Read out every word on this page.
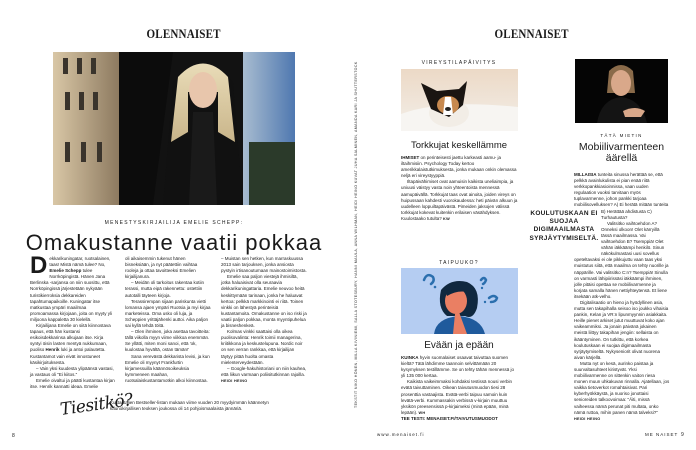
OLENNAISET
MENESTYSKIRJAILIJA EMELIE SCHEPP:
Omakustanne vaatii pokkaa
D ekkarikuningatar, ruotsalainen, taas! Mistä nämä tulee? No, Emelie Schepp tulee Norrköpingistä. Hänen Jana Berlinska -sarjansa on niin suosittu, että Norrköpingissä järjestetään nykyään turistikierroksia dekkareiden tapahtumapaikoille. Kuningatar itse matkustaa ympäri maailmaa promoamassa kirjojaan, joita on myyty yli miljoona kappaletta 30 kielellä.

Kirjailijana Emelie on siitä kiinnostava tapaus, että hän kustansi esikoisdekkarinsa alkujaan itse. Kirja syntyi öisin lasten mentyä nukkumaan, puoliso Henrik luki ja antoi palautetta. Kustantamot vain eivät innostuneet käsikirjoituksesta.

– Vain yksi kuudesta ylipäänsä vastasi, ja vastaus oli "Ei kiitos."

Emelie oivaltui ja päätti kustantaa kirjan itse. Henrik kannatti ideaa. Emelie

oli aikaisemmin tukenut hänen bisneksiään, ja nyt päätettiin vaihtaa rooleja ja ottaa tavoitteeksi Emelien kirjailijanura.

– Meidän oli tarkoitus rakentaa kotiin terassi, mutta eipä rakennettu: ostettiin autotalli täyteen kirjoja.

Terassirempan sijaan pariskunta vietti lomansa ajaen ympäri Ruotsia ja myi kirjaa marketeissa. Oma usko oli luja, ja Scheppien yrittäjähenki auttoi. Aika paljon sai kyllä tehdä töitä.

– Olen ihminen, joka asettaa tavoitteita: tällä viikolla myyn viime viikkoa enemmän. Se yllätti, miten moni sanoi, että 'ok, kuulostaa hyvältä, ostan tämän!'

Sana verevästä dekkarista levisi, ja kun Emelie oli myynyt Frankfurtin kirjamessuilla käännösoikeuksia kymmeneen maahan, ruotsalaiskustantamotkin alkoi kiinnostaa.

– Muistan sen hetken, kun marraskuussa 2013 sain tarjouksen, jonka ansiosta pystyin irtisanoutumaan mainostoimistosta.

Emelie saa paljon viestejä ihmisiltä, jotka haluaisivat olla seuraavia dekkarikuningattaria. Emelie neuvoo heitä keskittymään tarinaan, jonka he haluavat kertoa: pelkkä markkinointi ei riitä. Toinen vinkki on lähestyä perinteisiä kustantamoita. Omakustanne on iso riski ja vaatii paljon pokkaa, monta myyntipuhelua ja bisneshenkeä.

Kolmas vinkki saattaisi olla oikea puolisovalinta: Henrik toimii managerina, kriitikkona ja keskustelupuna. Nordic noir on sen verran rankkaa, että kirjailijan täytyy pitää huolta omasta mielenterveydestään.

– Google-hakuhistoriani on niin kauhea, että liikun varmaan poliisitutkinnan rajoilla. HEIDI HEINO

Tiesitkö?
Kustantajien Bestseller-listan mukaan viime vuoden 20 myydyimmän käännetyn kaunokirjallisen teoksen joukossa oli 14 pohjoismaalaista jännäriä.
8
OLENNAISET
TEKSTIT NIKO HÖNEN, MILLA KIVINIEMI, SALLA STOTESBURY, HANNI MAULA, ANNA WILHMAN, HEIDI HEINO KUVAT JUHA SALMINEN, AMANDA KARI JA SHUTTERSTOCK	VIREYSTILAPÄIVITYS
Torkkujat keskellämme

IHMISET on perinteisesti jaettu karkeasti aamu- ja iltaihmisiin. Psychology Today kertoo amerikkalaistutkimuksesta, jonka mukaan onkin olemassa neljä eri vireystyyppiä.

Iltapäivähimiset ovat aamuisin kaikista uneliaimpia, ja uniuusi väistyy vasta noin yhteentoista mennessä aamupäivällä. Torkkujat taas ovat ainoita, joiden vireys on huipussaan kahdesti vuorokaudessa: heti päivän alkuun ja uudelleen loppuiltapäivästä. Pimeiden jaksojen välissä torkkujat kokevat kuitenkin erilaisen väsähdyksen. Kuulostaako tutulta? KW

TAIPUUKO?
Evään ja epään

KUINKA hyvin suomalaiset osaavat taivuttaa suomen kieltä? Tätä lähdimme taannoin selvittämään 20 kysymyksen testillämme. Se on tehty tähän mennessä jo yli 135 000 kertaa.

Kaikista vaikeimmaksi kohdaksi testissä nousi verbin evätä taivuttaminen. Oikean taivutusmuodon tiesi 28 prosenttia vastaajista. Evätä-verbi taipuu samoin kuin levätä-verbi. Kummassakin verbissä v-kirjain muuttuu yksikön preesensissä p-kirjaimeksi (minä epään, minä lepään). WH

TEE TESTI: MENAISET.FI/TAIVUTUSMUODOT

www.menaiset.fi
TÄTÄ MIETIN
Mobiilivarmenteen äärellä
KOULUTUSKAAN EI SUOJAA DIGIMAAILMASTA SYRJÄYTYMISELTÄ.

MILLAISIA tunteita sinussa herättää se, että pelkkä avainlukulista ei pian enää riitä verkkopankkiasioinnissa, vaan uuden regulaation vuoksi tarvitaan myös tuplavarmenne, johon pankki tarjoaa mobiilisovelluksen? A) Ei herätä mitään tunteita B) Herättää ahdistusta C) Turhautusta?

Valitsitko vaihtoehdon A? Onneksi olkoon! Olet kärryillä tässä maailmassa. Vai vaihtoehdon B? Tsemppiä! Olet vähän iäkkäämpi henkilö. Sinun näkökulmastasi uusi sovellus opeteltavaksi ei ole pikkujuttu vaan taas yksi muistutus siitä, että maailma on tehty nuorille ja näppärille. Vai valitsitko C:n? Tsemppiä! Sinulla on varmasti lähipiirissäsi iäkkäämpi ihminen, jolle pitäisi opettaa se mobiilivarmenne ja korjata samalla hänen nettiyhteytensä. Et liene itsekään atk-velho.

Digitalisaatio on hieno ja hyödyllinen asia, mutta sen takapihalla seisoo iso joukko vihaisia pankin, Kelan ja VR:n lipunmyynnin asiakkaita. Heille pienet arkiset jutut muuttuvat koko ajan vaikeammiksi. Ja jonain päivänä jokainen meistä liittyy takapihan jengiin: sellaista on ikääntyminen. On tutkittu, että korkea koulutuskaan ei suojaa digimaailmasta syrjäytymiseltä. Nykyseniorit olivat nuorena aivan kärjellä.

Mutta nyt on kesä, aurinko paistaa ja suurvaltasuhteet kiristyvät. Yksi mobiilivarmenne on sittenkin vaiton riesa monen muun uhkakuvan rinnalla. Ajatellaan, jos vaikka tietoverkot romahtaisivat. Pari kyberhyökkäystä, ja nuoriso jonottaisi senioreiden talkoovoimaa: "Äiti, missä vaiheessa nämä perunat piti multata, onko nämä ruttoa, mihin panen nämä talveksi?" HEIDI HEINO

ME NAISET 9
